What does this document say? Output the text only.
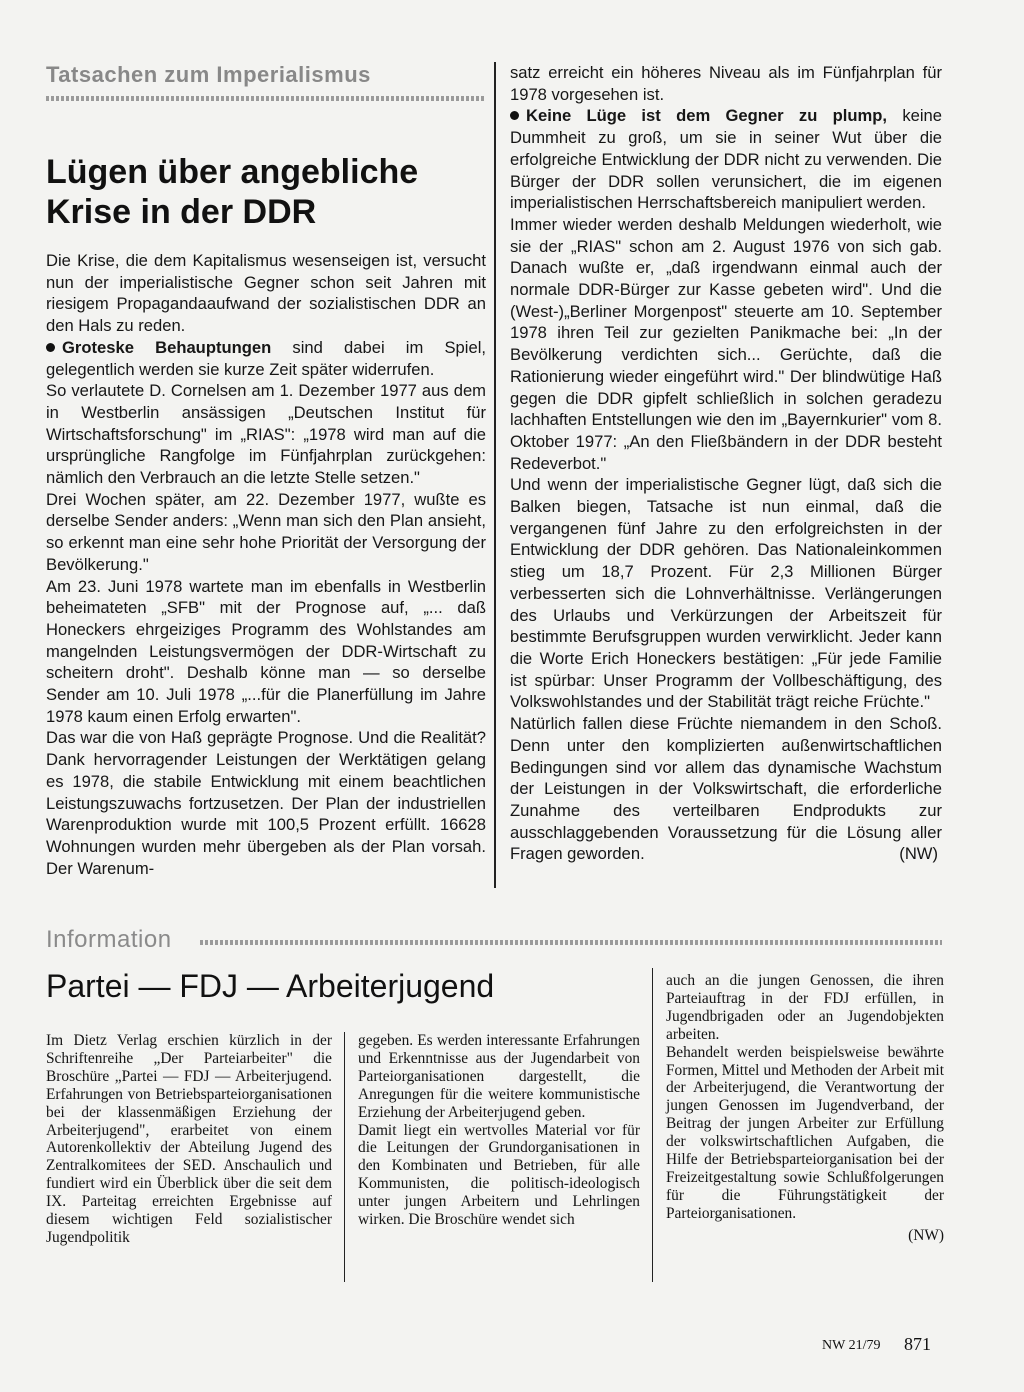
Tatsachen zum Imperialismus
Lügen über angebliche
Krise in der DDR

Die Krise, die dem Kapitalismus wesenseigen ist, versucht nun der imperialistische Gegner schon seit Jahren mit riesigem Propagandaaufwand der sozialistischen DDR an den Hals zu reden.

Groteske Behauptungen sind dabei im Spiel, gelegentlich werden sie kurze Zeit später widerrufen.

So verlautete D. Cornelsen am 1. Dezember 1977 aus dem in Westberlin ansässigen „Deutschen Institut für Wirtschaftsforschung" im „RIAS": „1978 wird man auf die ursprüngliche Rangfolge im Fünfjahrplan zurückgehen: nämlich den Verbrauch an die letzte Stelle setzen."

Drei Wochen später, am 22. Dezember 1977, wußte es derselbe Sender anders: „Wenn man sich den Plan ansieht, so erkennt man eine sehr hohe Priorität der Versorgung der Bevölkerung."

Am 23. Juni 1978 wartete man im ebenfalls in Westberlin beheimateten „SFB" mit der Prognose auf, „... daß Honeckers ehrgeiziges Programm des Wohlstandes am mangelnden Leistungsvermögen der DDR-Wirtschaft zu scheitern droht". Deshalb könne man — so derselbe Sender am 10. Juli 1978 „...für die Planerfüllung im Jahre 1978 kaum einen Erfolg erwarten".

Das war die von Haß geprägte Prognose. Und die Realität? Dank hervorragender Leistungen der Werktätigen gelang es 1978, die stabile Entwicklung mit einem beachtlichen Leistungszuwachs fortzusetzen. Der Plan der industriellen Warenproduktion wurde mit 100,5 Prozent erfüllt. 16628 Wohnungen wurden mehr übergeben als der Plan vorsah. Der Warenum-

satz erreicht ein höheres Niveau als im Fünfjahrplan für 1978 vorgesehen ist.

Keine Lüge ist dem Gegner zu plump, keine Dummheit zu groß, um sie in seiner Wut über die erfolgreiche Entwicklung der DDR nicht zu verwenden. Die Bürger der DDR sollen verunsichert, die im eigenen imperialistischen Herrschaftsbereich manipuliert werden.

Immer wieder werden deshalb Meldungen wiederholt, wie sie der „RIAS" schon am 2. August 1976 von sich gab. Danach wußte er, „daß irgendwann einmal auch der normale DDR-Bürger zur Kasse gebeten wird". Und die (West-)„Berliner Morgenpost" steuerte am 10. September 1978 ihren Teil zur gezielten Panikmache bei: „In der Bevölkerung verdichten sich... Gerüchte, daß die Rationierung wieder eingeführt wird." Der blindwütige Haß gegen die DDR gipfelt schließlich in solchen geradezu lachhaften Entstellungen wie den im „Bayernkurier" vom 8. Oktober 1977: „An den Fließbändern in der DDR besteht Redeverbot."

Und wenn der imperialistische Gegner lügt, daß sich die Balken biegen, Tatsache ist nun einmal, daß die vergangenen fünf Jahre zu den erfolgreichsten in der Entwicklung der DDR gehören. Das Nationaleinkommen stieg um 18,7 Prozent. Für 2,3 Millionen Bürger verbesserten sich die Lohnverhältnisse. Verlängerungen des Urlaubs und Verkürzungen der Arbeitszeit für bestimmte Berufsgruppen wurden verwirklicht. Jeder kann die Worte Erich Honeckers bestätigen: „Für jede Familie ist spürbar: Unser Programm der Vollbeschäftigung, des Volkswohlstandes und der Stabilität trägt reiche Früchte."

Natürlich fallen diese Früchte niemandem in den Schoß. Denn unter den komplizierten außenwirtschaftlichen Bedingungen sind vor allem das dynamische Wachstum der Leistungen in der Volkswirtschaft, die erforderliche Zunahme des verteilbaren Endprodukts zur ausschlaggebenden Voraussetzung für die Lösung aller Fragen geworden.	(NW)

Information
Partei — FDJ — Arbeiterjugend

Im Dietz Verlag erschien kürzlich in der Schriftenreihe „Der Parteiarbeiter" die Broschüre „Partei — FDJ — Arbeiterjugend. Erfahrungen von Betriebsparteiorganisationen bei der klassenmäßigen Erziehung der Arbeiterjugend", erarbeitet von einem Autorenkollektiv der Abteilung Jugend des Zentralkomitees der SED. Anschaulich und fundiert wird ein Überblick über die seit dem IX. Parteitag erreichten Ergebnisse auf diesem wichtigen Feld sozialistischer Jugendpolitik

gegeben. Es werden interessante Erfahrungen und Erkenntnisse aus der Jugendarbeit von Parteiorganisationen dargestellt, die Anregungen für die weitere kommunistische Erziehung der Arbeiterjugend geben.

Damit liegt ein wertvolles Material vor für die Leitungen der Grundorganisationen in den Kombinaten und Betrieben, für alle Kommunisten, die politisch-ideologisch unter jungen Arbeitern und Lehrlingen wirken. Die Broschüre wendet sich

auch an die jungen Genossen, die ihren Parteiauftrag in der FDJ erfüllen, in Jugendbrigaden oder an Jugendobjekten arbeiten.

Behandelt werden beispielsweise bewährte Formen, Mittel und Methoden der Arbeit mit der Arbeiterjugend, die Verantwortung der jungen Genossen im Jugendverband, der Beitrag der jungen Arbeiter zur Erfüllung der volkswirtschaftlichen Aufgaben, die Hilfe der Betriebsparteiorganisation bei der Freizeitgestaltung sowie Schlußfolgerungen für die Führungstätigkeit der Parteiorganisationen.

(NW)

NW 21/79 871
